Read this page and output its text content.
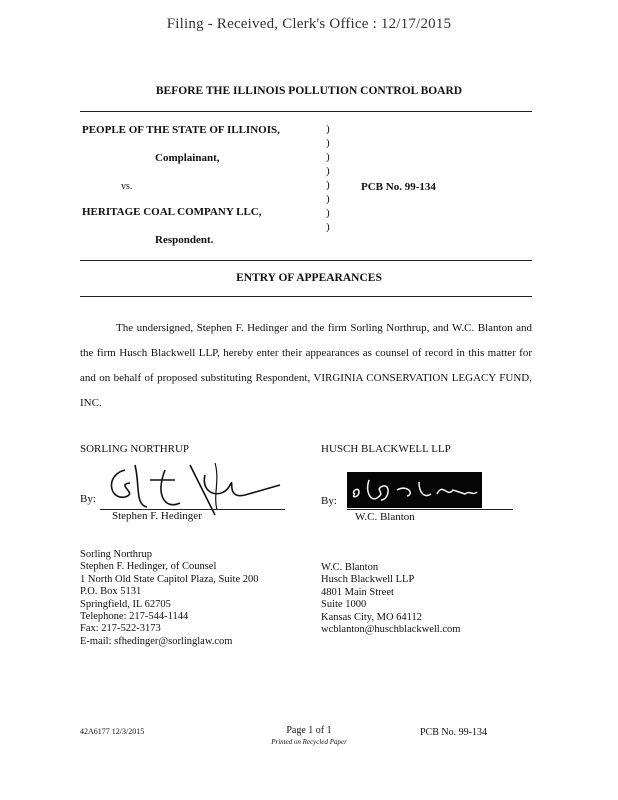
Filing - Received, Clerk's Office : 12/17/2015
BEFORE THE ILLINOIS POLLUTION CONTROL BOARD
PEOPLE OF THE STATE OF ILLINOIS,
Complainant,
vs.
HERITAGE COAL COMPANY LLC,
Respondent.
)
)
)
)
)
)
)
)
PCB No. 99-134
ENTRY OF APPEARANCES
The undersigned, Stephen F. Hedinger and the firm Sorling Northrup, and W.C. Blanton and the firm Husch Blackwell LLP, hereby enter their appearances as counsel of record in this matter for and on behalf of proposed substituting Respondent, VIRGINIA CONSERVATION LEGACY FUND, INC.
SORLING NORTHRUP
By:
Stephen F. Hedinger
HUSCH BLACKWELL LLP
By:
W.C. Blanton
Sorling Northrup
Stephen F. Hedinger, of Counsel
1 North Old State Capitol Plaza, Suite 200
P.O. Box 5131
Springfield, IL 62705
Telephone: 217-544-1144
Fax: 217-522-3173
E-mail: sfhedinger@sorlinglaw.com
W.C. Blanton
Husch Blackwell LLP
4801 Main Street
Suite 1000
Kansas City, MO 64112
wcblanton@huschblackwell.com
42A6177 12/3/2015	Page 1 of 1
Printed on Recycled Paper
PCB No. 99-134
